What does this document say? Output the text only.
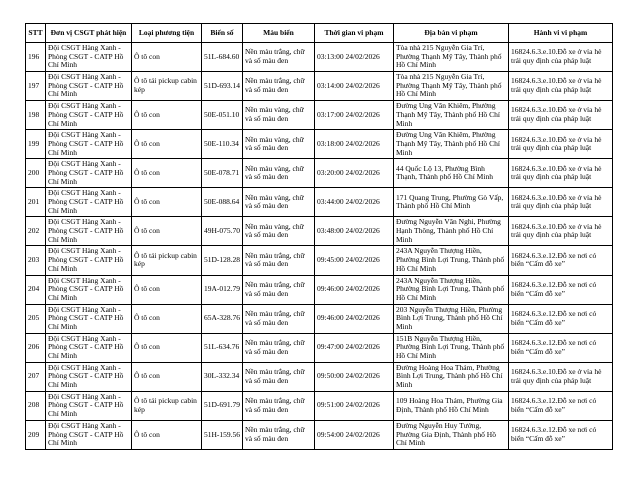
STT	Đơn vị CSGT phát hiện	Loại phương tiện	Biển số	Màu biển	Thời gian vi phạm	Địa bàn vi phạm	Hành vi vi phạm
196	Đội CSGT Hàng Xanh - Phòng CSGT - CATP Hồ Chí Minh	Ô tô con	51L-684.60	Nền màu trắng, chữ và số màu đen	03:13:00 24/02/2026	Tòa nhà 215 Nguyễn Gia Trí, Phường Thạnh Mỹ Tây, Thành phố Hồ Chí Minh	16824.6.3.e.10.Đỗ xe ở vỉa hè trái quy định của pháp luật
197	Đội CSGT Hàng Xanh - Phòng CSGT - CATP Hồ Chí Minh	Ô tô tải pickup cabin kép	51D-693.14	Nền màu trắng, chữ và số màu đen	03:14:00 24/02/2026	Tòa nhà 215 Nguyễn Gia Trí, Phường Thạnh Mỹ Tây, Thành phố Hồ Chí Minh	16824.6.3.e.10.Đỗ xe ở vỉa hè trái quy định của pháp luật
198	Đội CSGT Hàng Xanh - Phòng CSGT - CATP Hồ Chí Minh	Ô tô con	50E-051.10	Nền màu vàng, chữ và số màu đen	03:17:00 24/02/2026	Đường Ung Văn Khiêm, Phường Thạnh Mỹ Tây, Thành phố Hồ Chí Minh	16824.6.3.e.10.Đỗ xe ở vỉa hè trái quy định của pháp luật
199	Đội CSGT Hàng Xanh - Phòng CSGT - CATP Hồ Chí Minh	Ô tô con	50E-110.34	Nền màu vàng, chữ và số màu đen	03:18:00 24/02/2026	Đường Ung Văn Khiêm, Phường Thạnh Mỹ Tây, Thành phố Hồ Chí Minh	16824.6.3.e.10.Đỗ xe ở vỉa hè trái quy định của pháp luật
200	Đội CSGT Hàng Xanh - Phòng CSGT - CATP Hồ Chí Minh	Ô tô con	50E-078.71	Nền màu vàng, chữ và số màu đen	03:20:00 24/02/2026	44 Quốc Lộ 13, Phường Bình Thạnh, Thành phố Hồ Chí Minh	16824.6.3.e.10.Đỗ xe ở vỉa hè trái quy định của pháp luật
201	Đội CSGT Hàng Xanh - Phòng CSGT - CATP Hồ Chí Minh	Ô tô con	50E-088.64	Nền màu vàng, chữ và số màu đen	03:44:00 24/02/2026	171 Quang Trung, Phường Gò Vấp, Thành phố Hồ Chí Minh	16824.6.3.e.10.Đỗ xe ở vỉa hè trái quy định của pháp luật
202	Đội CSGT Hàng Xanh - Phòng CSGT - CATP Hồ Chí Minh	Ô tô con	49H-075.70	Nền màu vàng, chữ và số màu đen	03:48:00 24/02/2026	Đường Nguyễn Văn Nghi, Phường Hạnh Thông, Thành phố Hồ Chí Minh	16824.6.3.e.10.Đỗ xe ở vỉa hè trái quy định của pháp luật
203	Đội CSGT Hàng Xanh - Phòng CSGT - CATP Hồ Chí Minh	Ô tô tải pickup cabin kép	51D-128.28	Nền màu trắng, chữ và số màu đen	09:45:00 24/02/2026	243A Nguyễn Thượng Hiền, Phường Bình Lợi Trung, Thành phố Hồ Chí Minh	16824.6.3.e.12.Đỗ xe nơi có biển “Cấm đỗ xe”
204	Đội CSGT Hàng Xanh - Phòng CSGT - CATP Hồ Chí Minh	Ô tô con	19A-012.79	Nền màu trắng, chữ và số màu đen	09:46:00 24/02/2026	243A Nguyễn Thượng Hiền, Phường Bình Lợi Trung, Thành phố Hồ Chí Minh	16824.6.3.e.12.Đỗ xe nơi có biển “Cấm đỗ xe”
205	Đội CSGT Hàng Xanh - Phòng CSGT - CATP Hồ Chí Minh	Ô tô con	65A-328.76	Nền màu trắng, chữ và số màu đen	09:46:00 24/02/2026	203 Nguyễn Thượng Hiền, Phường Bình Lợi Trung, Thành phố Hồ Chí Minh	16824.6.3.e.12.Đỗ xe nơi có biển “Cấm đỗ xe”
206	Đội CSGT Hàng Xanh - Phòng CSGT - CATP Hồ Chí Minh	Ô tô con	51L-634.76	Nền màu trắng, chữ và số màu đen	09:47:00 24/02/2026	151B Nguyễn Thượng Hiền, Phường Bình Lợi Trung, Thành phố Hồ Chí Minh	16824.6.3.e.12.Đỗ xe nơi có biển “Cấm đỗ xe”
207	Đội CSGT Hàng Xanh - Phòng CSGT - CATP Hồ Chí Minh	Ô tô con	30L-332.34	Nền màu trắng, chữ và số màu đen	09:50:00 24/02/2026	Đường Hoàng Hoa Thám, Phường Bình Lợi Trung, Thành phố Hồ Chí Minh	16824.6.3.e.10.Đỗ xe ở vỉa hè trái quy định của pháp luật
208	Đội CSGT Hàng Xanh - Phòng CSGT - CATP Hồ Chí Minh	Ô tô tải pickup cabin kép	51D-691.79	Nền màu trắng, chữ và số màu đen	09:51:00 24/02/2026	109 Hoàng Hoa Thám, Phường Gia Định, Thành phố Hồ Chí Minh	16824.6.3.e.12.Đỗ xe nơi có biển “Cấm đỗ xe”
209	Đội CSGT Hàng Xanh - Phòng CSGT - CATP Hồ Chí Minh	Ô tô con	51H-159.56	Nền màu trắng, chữ và số màu đen	09:54:00 24/02/2026	Đường Nguyễn Huy Tưởng, Phường Gia Định, Thành phố Hồ Chí Minh	16824.6.3.e.12.Đỗ xe nơi có biển “Cấm đỗ xe”
